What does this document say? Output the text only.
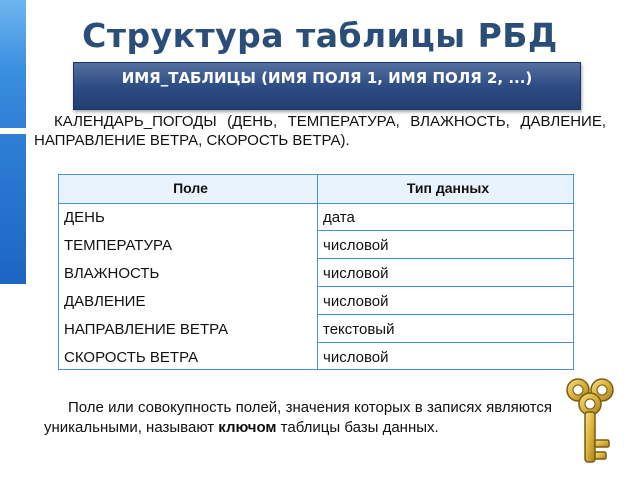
Структура таблицы РБД
ИМЯ_ТАБЛИЦЫ (ИМЯ ПОЛЯ 1, ИМЯ ПОЛЯ 2, ...)
КАЛЕНДАРЬ_ПОГОДЫ (ДЕНЬ, ТЕМПЕРАТУРА, ВЛАЖНОСТЬ, ДАВЛЕНИЕ, НАПРАВЛЕНИЕ ВЕТРА, СКОРОСТЬ ВЕТРА).
Поле	Тип данных
ДЕНЬ	дата
ТЕМПЕРАТУРА	числовой
ВЛАЖНОСТЬ	числовой
ДАВЛЕНИЕ	числовой
НАПРАВЛЕНИЕ ВЕТРА	текстовый
СКОРОСТЬ ВЕТРА	числовой
Поле или совокупность полей, значения которых в записях являются уникальными, называют ключом таблицы базы данных.
